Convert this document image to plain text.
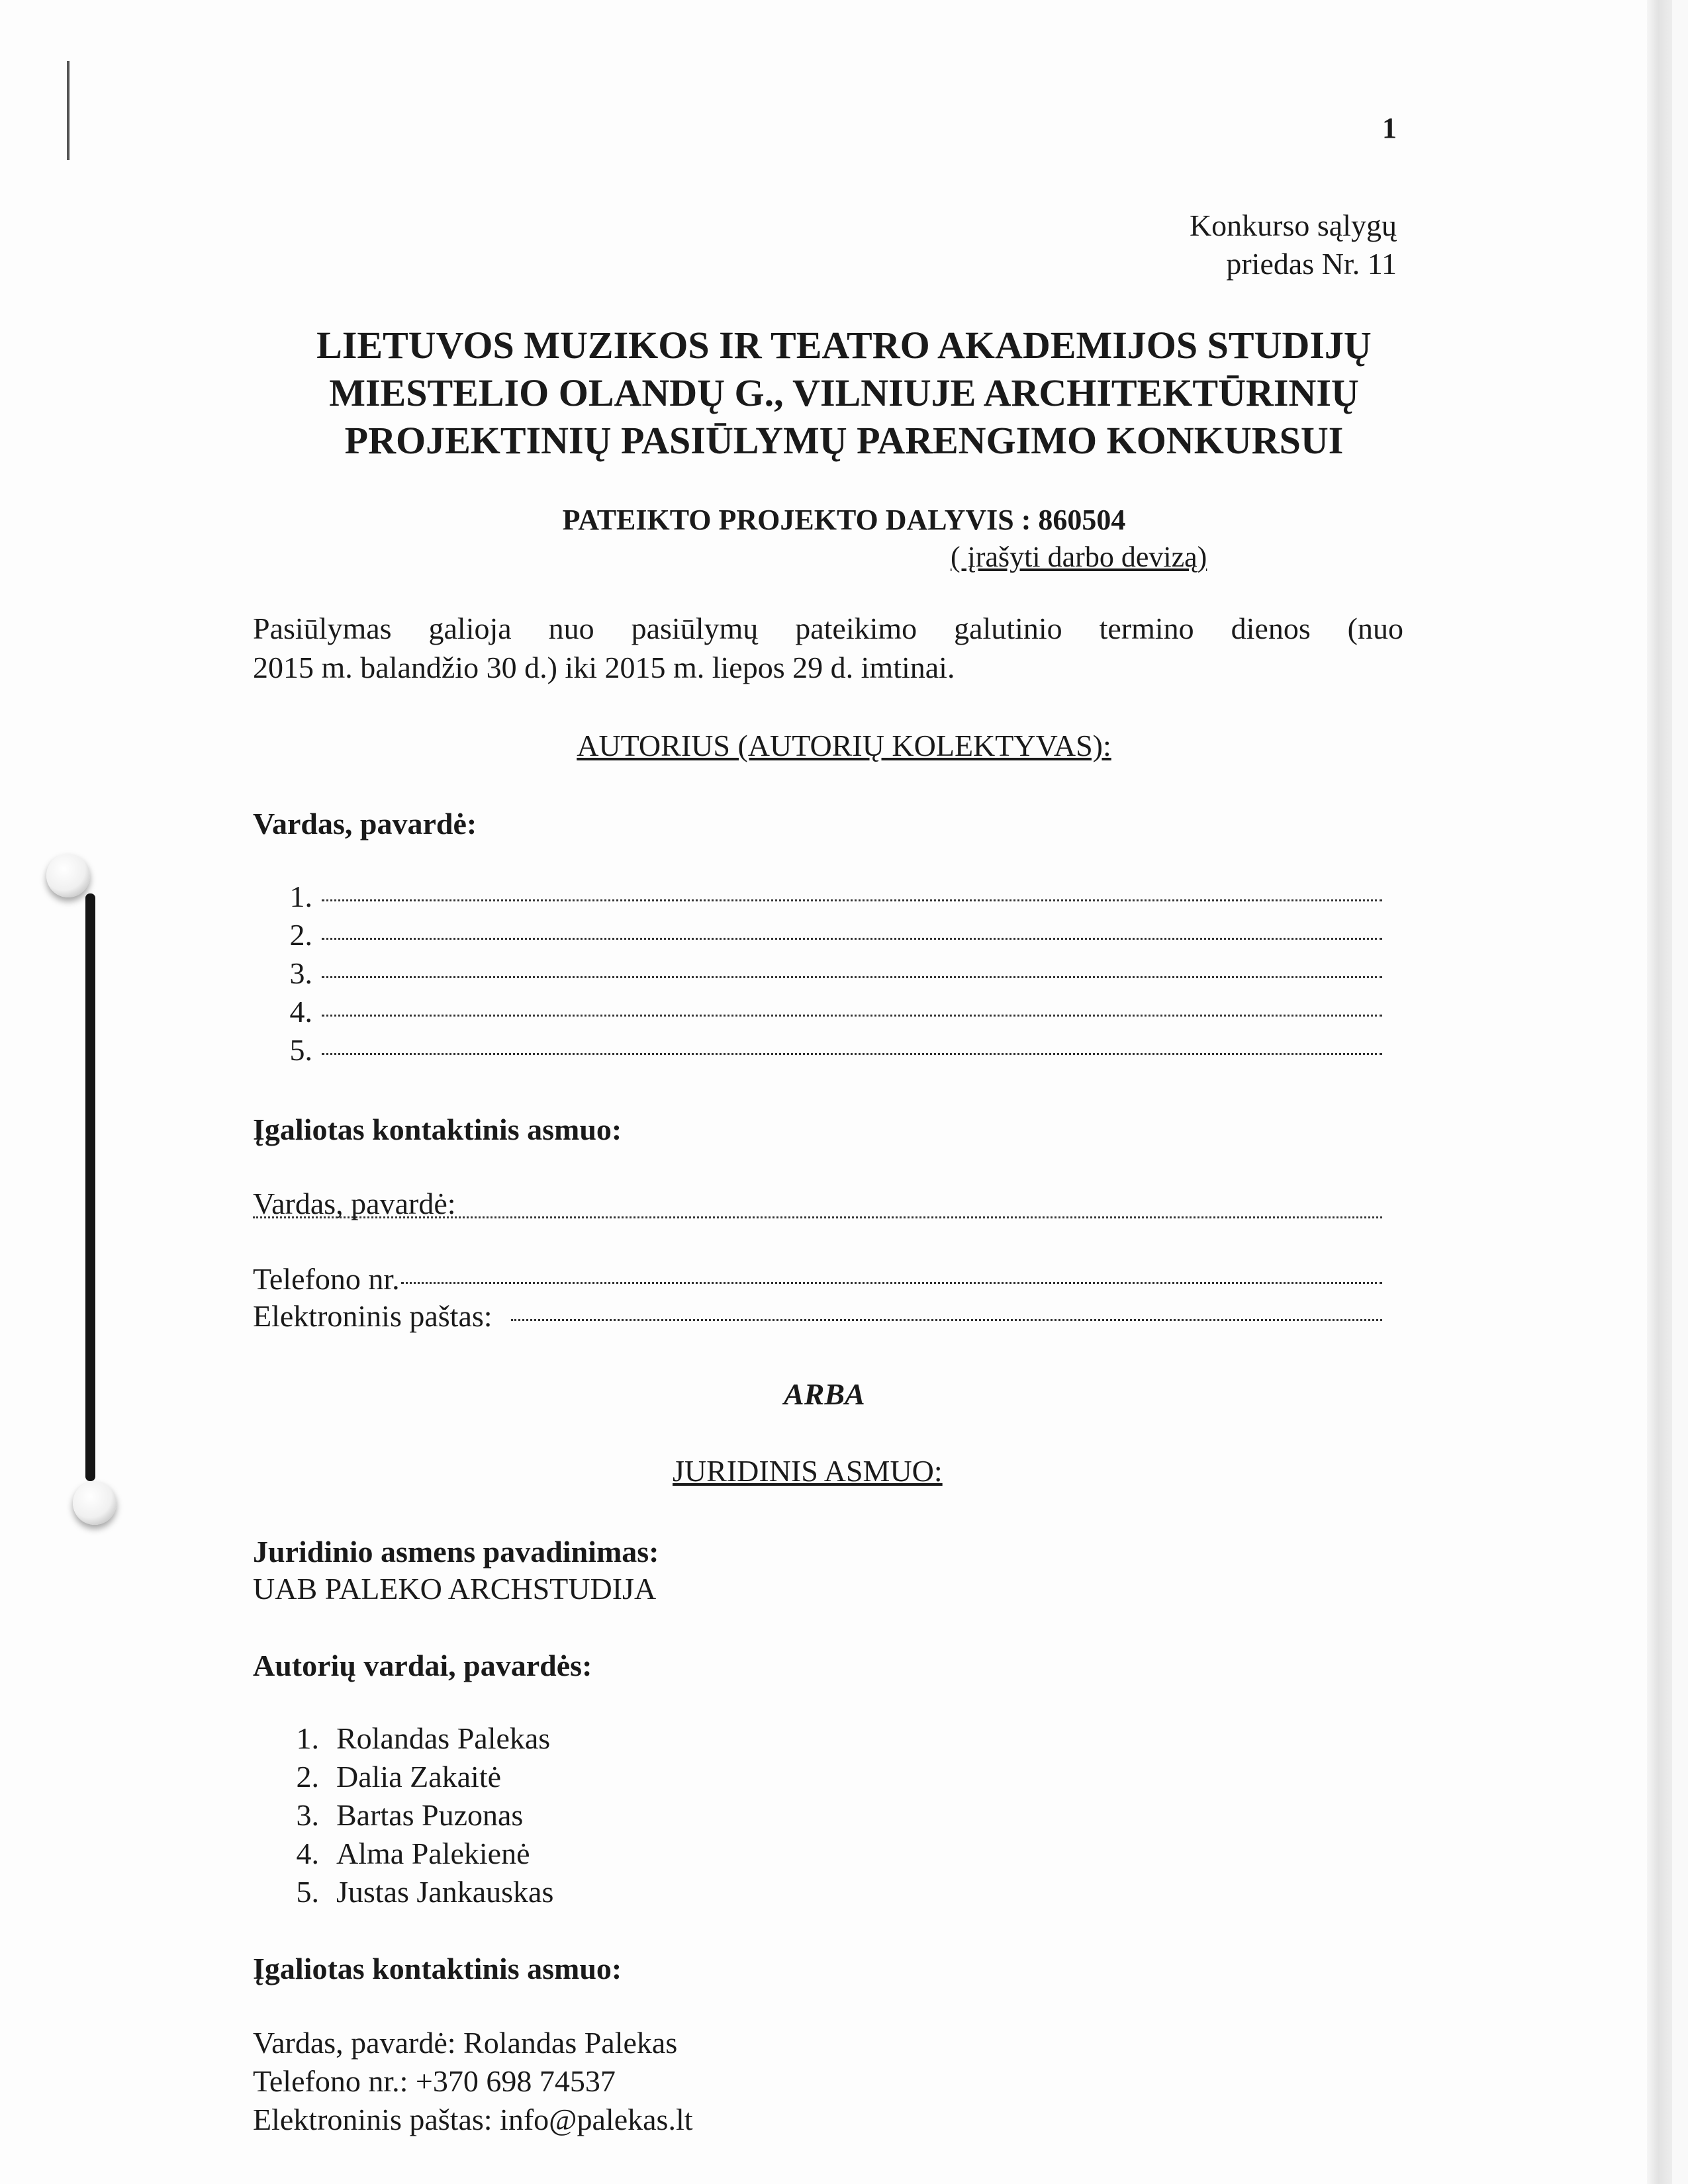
1
Konkurso sąlygų
priedas Nr. 11
LIETUVOS MUZIKOS IR TEATRO AKADEMIJOS STUDIJŲ
MIESTELIO OLANDŲ G., VILNIUJE ARCHITEKTŪRINIŲ
PROJEKTINIŲ PASIŪLYMŲ PARENGIMO KONKURSUI
PATEIKTO PROJEKTO DALYVIS : 860504
( įrašyti darbo devizą)
Pasiūlymas galioja nuo pasiūlymų pateikimo galutinio termino dienos (nuo
2015 m. balandžio 30 d.) iki 2015 m. liepos 29 d. imtinai.
AUTORIUS (AUTORIŲ KOLEKTYVAS):
Vardas, pavardė:
1.
2.
3.
4.
5.
Įgaliotas kontaktinis asmuo:
Vardas, pavardė:
Telefono nr.
Elektroninis paštas:
ARBA
JURIDINIS ASMUO:
Juridinio asmens pavadinimas:
UAB PALEKO ARCHSTUDIJA
Autorių vardai, pavardės:
1. Rolandas Palekas
2. Dalia Zakaitė
3. Bartas Puzonas
4. Alma Palekienė
5. Justas Jankauskas
Įgaliotas kontaktinis asmuo:
Vardas, pavardė: Rolandas Palekas
Telefono nr.: +370 698 74537
Elektroninis paštas: info@palekas.lt
